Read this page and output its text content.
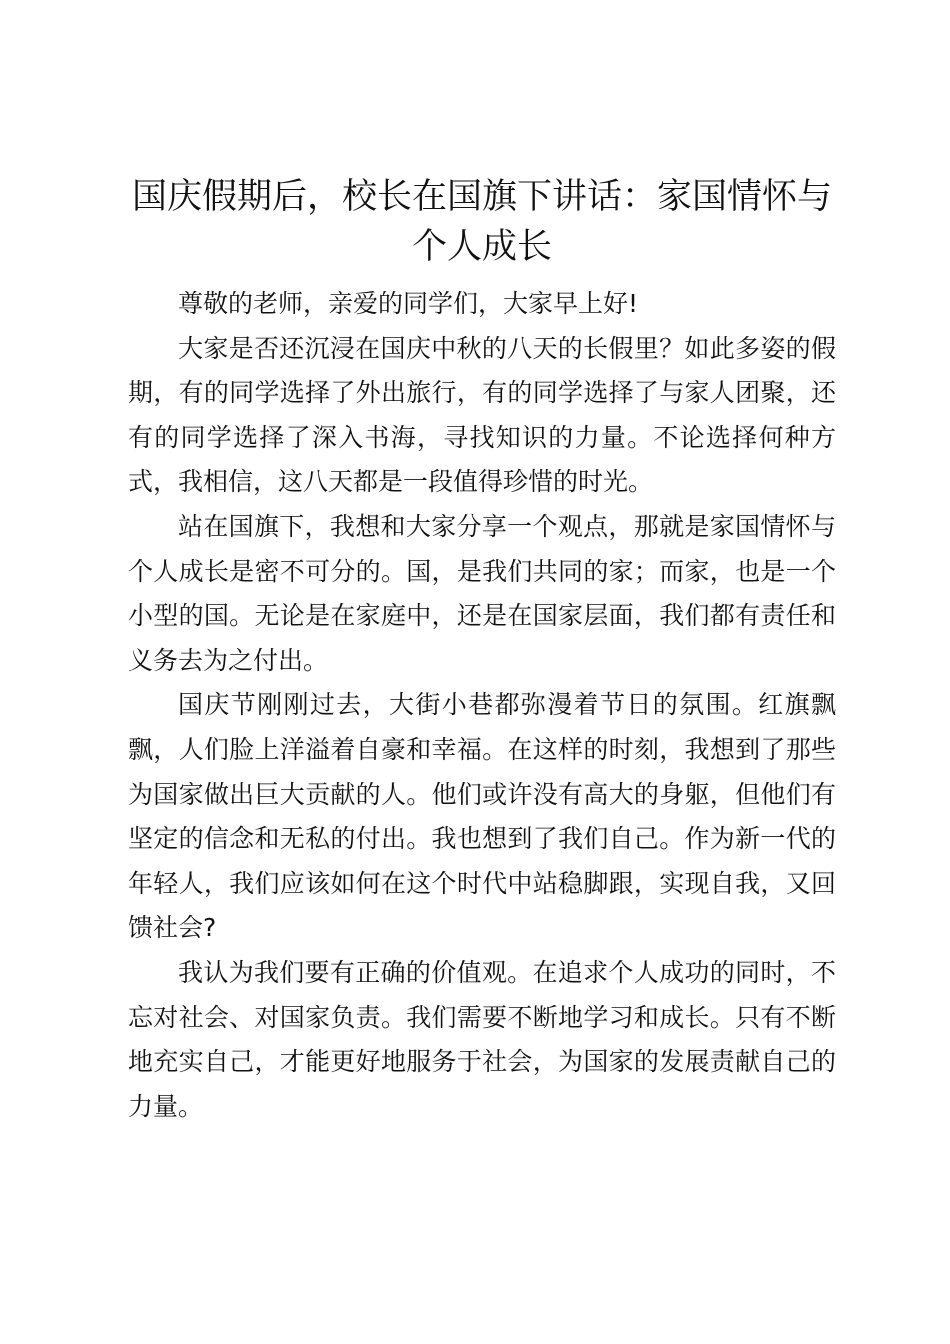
国庆假期后，校长在国旗下讲话：家国情怀与个人成长

尊敬的老师，亲爱的同学们，大家早上好!

大家是否还沉浸在国庆中秋的八天的长假里？如此多姿的假期，有的同学选择了外出旅行，有的同学选择了与家人团聚，还有的同学选择了深入书海，寻找知识的力量。不论选择何种方式，我相信，这八天都是一段值得珍惜的时光。

站在国旗下，我想和大家分享一个观点，那就是家国情怀与个人成长是密不可分的。国，是我们共同的家；而家，也是一个小型的国。无论是在家庭中，还是在国家层面，我们都有责任和义务去为之付出。

国庆节刚刚过去，大街小巷都弥漫着节日的氛围。红旗飘飘，人们脸上洋溢着自豪和幸福。在这样的时刻，我想到了那些为国家做出巨大贡献的人。他们或许没有高大的身躯，但他们有坚定的信念和无私的付出。我也想到了我们自己。作为新一代的年轻人，我们应该如何在这个时代中站稳脚跟，实现自我，又回馈社会?

我认为我们要有正确的价值观。在追求个人成功的同时，不忘对社会、对国家负责。我们需要不断地学习和成长。只有不断地充实自己，才能更好地服务于社会，为国家的发展责献自己的力量。
